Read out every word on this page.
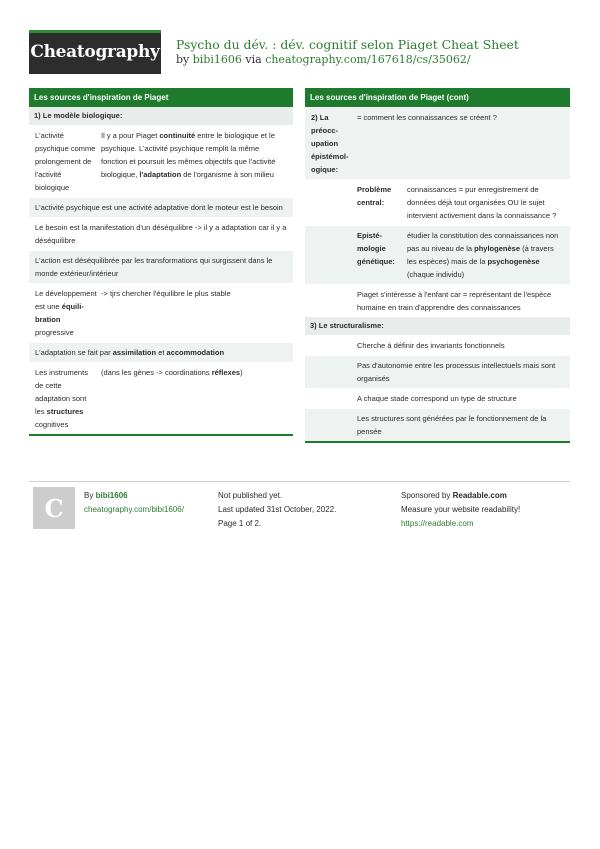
Cheatography Psycho du dév. : dév. cognitif selon Piaget Cheat Sheet
by bibi1606 via cheatography.com/167618/cs/35062/
Les sources d'inspiration de Piaget
1) Le modèle biologique:
L'activité psychique comme prolongement de l'activité biologique
Il y a pour Piaget continuité entre le biologique et le psychique. L'activité psychique remplit la même fonction et poursuit les mêmes objectifs que l'activité biologique, l'adaptation de l'organisme à son milieu
L'activité psychique est une activité adaptative dont le moteur est le besoin
Le besoin est la manifestation d'un déséquilibre -> il y a adaptation car il y a déséquilibre
L'action est déséquilibrée par les transformations qui surgissent dans le monde extérieur/intérieur
Le développement est une équilibration progressive
-> tjrs chercher l'équilibre le plus stable
L'adaptation se fait par assimilation et accommodation
Les instruments de cette adaptation sont les structures cognitives
(dans les gènes -> coordinations réflexes)
Les sources d'inspiration de Piaget (cont)
2) La préoccupation épistémologique:
= comment les connaissances se créent ?
Problème central:
connaissances = pur enregistrement de données déjà tout organisées OU le sujet intervient activement dans la connaissance ?
Epistémologie génétique:
étudier la constitution des connaissances non pas au niveau de la phylogenèse (à travers les espèces) mais de la psychogenèse (chaque individu)
Piaget s'intéresse à l'enfant car = représentant de l'espèce humaine en train d'apprendre des connaissances
3) Le structuralisme:
Cherche à définir des invariants fonctionnels
Pas d'autonomie entre les processus intellectuels mais sont organisés
A chaque stade correspond un type de structure
Les structures sont générées par le fonctionnement de la pensée
C	By bibi1606
cheatography.com/bibi1606/
Not published yet.
Last updated 31st October, 2022.
Page 1 of 2.
Sponsored by Readable.com
Measure your website readability!
https://readable.com
